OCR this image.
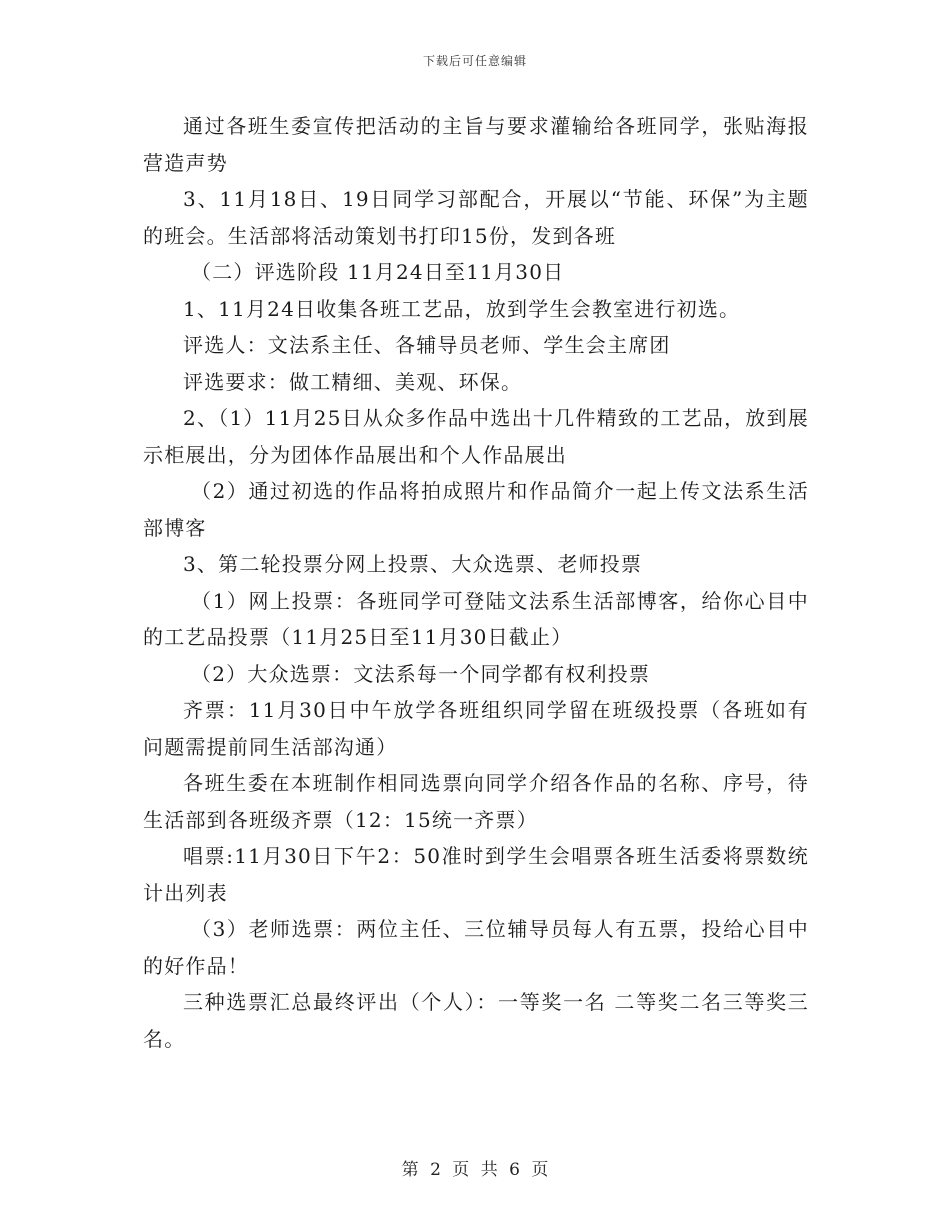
下载后可任意编辑

通过各班生委宣传把活动的主旨与要求灌输给各班同学，张贴海报营造声势

3、11月18日、19日同学习部配合，开展以“节能、环保”为主题的班会。生活部将活动策划书打印15份，发到各班

（二）评选阶段 11月24日至11月30日

1、11月24日收集各班工艺品，放到学生会教室进行初选。

评选人：文法系主任、各辅导员老师、学生会主席团

评选要求：做工精细、美观、环保。

2、（1）11月25日从众多作品中选出十几件精致的工艺品，放到展示柜展出，分为团体作品展出和个人作品展出

（2）通过初选的作品将拍成照片和作品简介一起上传文法系生活部博客

3、第二轮投票分网上投票、大众选票、老师投票

（1）网上投票：各班同学可登陆文法系生活部博客，给你心目中的工艺品投票（11月25日至11月30日截止）

（2）大众选票：文法系每一个同学都有权利投票

齐票：11月30日中午放学各班组织同学留在班级投票（各班如有问题需提前同生活部沟通）

各班生委在本班制作相同选票向同学介绍各作品的名称、序号，待生活部到各班级齐票（12：15统一齐票）

唱票:11月30日下午2：50准时到学生会唱票各班生活委将票数统计出列表

（3）老师选票：两位主任、三位辅导员每人有五票，投给心目中的好作品！

三种选票汇总最终评出（个人）：一等奖一名 二等奖二名三等奖三名。

第 2 页 共 6 页
